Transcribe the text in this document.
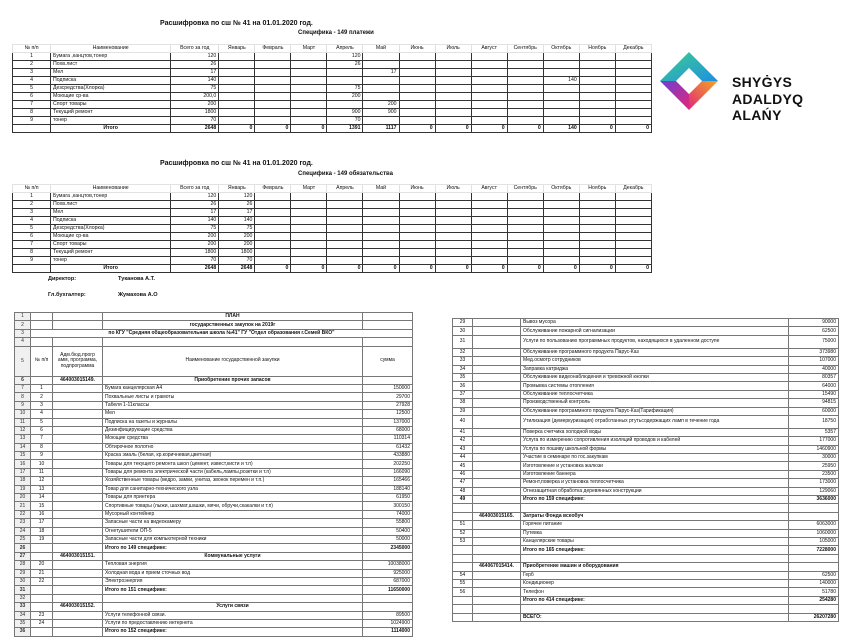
Расшифровка по сш № 41 на 01.01.2020 год.
Специфика - 149 платежи
№ п/п	Наименование	Всего за год	Январь	Февраль	Март	Апрель	Май	Июнь	Июль	Август	Сентябрь	Октябрь	Ноябрь	Декабрь
1	Бумага ,канцтов,тонер	120				120								
2	Похв.лист	26				26								
3	Мел	17					17							
4	Подписка	140										140		
5	Дезсредства(Хлорка)	75				75								
6	Моющие ср-ва	200,0				200								
7	Спорт товары	200					200							
8	Текущий ремонт	1800				900	900							
9	тонер	70				70								
	Итого	2648	0	0	0	1391	1117	0	0	0	0	140	0	0
Расшифровка по сш № 41 на 01.01.2020 год.
Специфика - 149 обязательства
№ п/п	Наименование	Всего за год	Январь	Февраль	Март	Апрель	Май	Июнь	Июль	Август	Сентябрь	Октябрь	Ноябрь	Декабрь
1	Бумага ,канцтов,тонер	120	120											
2	Похв.лист	26	26											
3	Мел	17	17											
4	Подписка	140	140											
5	Дезсредства(Хлорка)	75	75											
6	Моющие ср-ва	200	200											
7	Спорт товары	200	200											
8	Текущий ремонт	1800	1800											
9	тонер	70	70											
	Итого	2648	2648	0	0	0	0	0	0	0	0	0	0	0
Директор:	Туканова А.Т.
Гл.бухгалтер:	Жумахова А.О
SHYĠYS
ADALDYQ ALAŃY
1			ПЛАН	
2			государственных закупок на 2019г	
3	по КГУ "Средняя общеобразовательная школа №41" ГУ "Отдел образования г.Семей ВКО"			
4				
5	№ п/п	Адм.бюд.прогр амм, программа, подпрограмма	Наименование государственной закупки	сумма
6		464003015149.	Приобретение прочих запасов	
7	1		Бумага канцелярская А4	150000
8	2		Похвальные листы и грамоты	29700
9	3		Табеля 1-11классы	27928
10	4		Мел	12500
11	5		Подписка на газеты и журналы	137000
12	6		Дезинфицирующие средства	68000
13	7		Моющие средства	110314
14	8		Обтирочное полотно	61432
15	9		Краска эмаль (белая, кр.коричневая,цветная)	433880
16	10		Товары для текущего ремонта школ (цемент, извест,кисти и т.п)	202250
17	11		Товары для ремонта электрической части (кабель,лампы,розетки и т.п)	166090
18	12		Хозяйственные товары (ведро, замки, унитаз, звонок перемен и т.п.)	165466
19	13		Товар для санитарно-технического узла	188140
20	14		Товары для принтера	61950
21	15		Спортивные товары (лыжи, шахмат,шашки, мячи, обручи,скакалки и т.п)	300150
22	16		Мусорный контейнер	74000
23	17		Запасные части на видеокамеру	55800
24	18		Огнетушители ОП-5	50400
25	19		Запасные части для компьютерной техники	50000
26			Итого по 149 специфике:	2345000
27		464003015151.	Коммунальные услуги	
28	20		Тепловая энергия	10038000
29	21		Холодная вода и прием сточных вод	925000
30	22		Электроэнергия	687000
31			Итого по 151 специфике:	11650000
32				
33		464003015152.	Услуги связи	
34	23		Услуги телефонной связи.	89500
35	24		Услуги по предоставлению интернета	1024900
36			Итого по 152 специфике:	1114000
29		Вывоз мусора	90000
30		Обслуживание пожарной сигнализации	62500
31		Услуги по пользованию программных продуктов, находящихся в удаленном доступе	75000
32		Обслуживание программного продукта Парус-Каз	373980
33		Мед.осмотр сотрудников	107000
34		Заправка катриджа	40000
35		Обслуживание видеонаблюдения и тревожной кнопки	80357
36		Промывка системы отопления	64000
37		Обслуживание теплосчетчика	15490
38		Производственный контроль	94815
39		Обслуживание программного продукта Парус-Каз(Тарификация)	60000
40		Утилизация (демеркуризация) отработанных ртутьсодержащих ламп в течение года	18750
41		Поверка счетчика холодной воды	5357
42		Услуга по измерению сопротивления изоляций проводов и кабелей	177000
43		Услуга по пошиву школьной формы	1460900
44		Участие в семинаре по гос.закупкам	30000
45		Изготовление и установка жалюзи	25950
46		Изготовление баннера	23500
47		Ремонт,поверка и установка теплосчетчика	173000
48		Огнезащитная обработка деревянных конструкции	129060
49		Итого по 159 специфике:	3636000

	464003015165.	Затраты Фонда всеобуч	
51		Горячее питание	6063000
52		Путевка	1060000
53		Канцелярские товары	105000
		Итого по 165 специфике:	7228000

	464067015414.	Приобретение машин и оборудования	
54		Герб	62500
55		Кондиционер	140000
56		Телефон	51780
		Итого по 414 специфике:	254280

		ВСЕГО:	26207280
